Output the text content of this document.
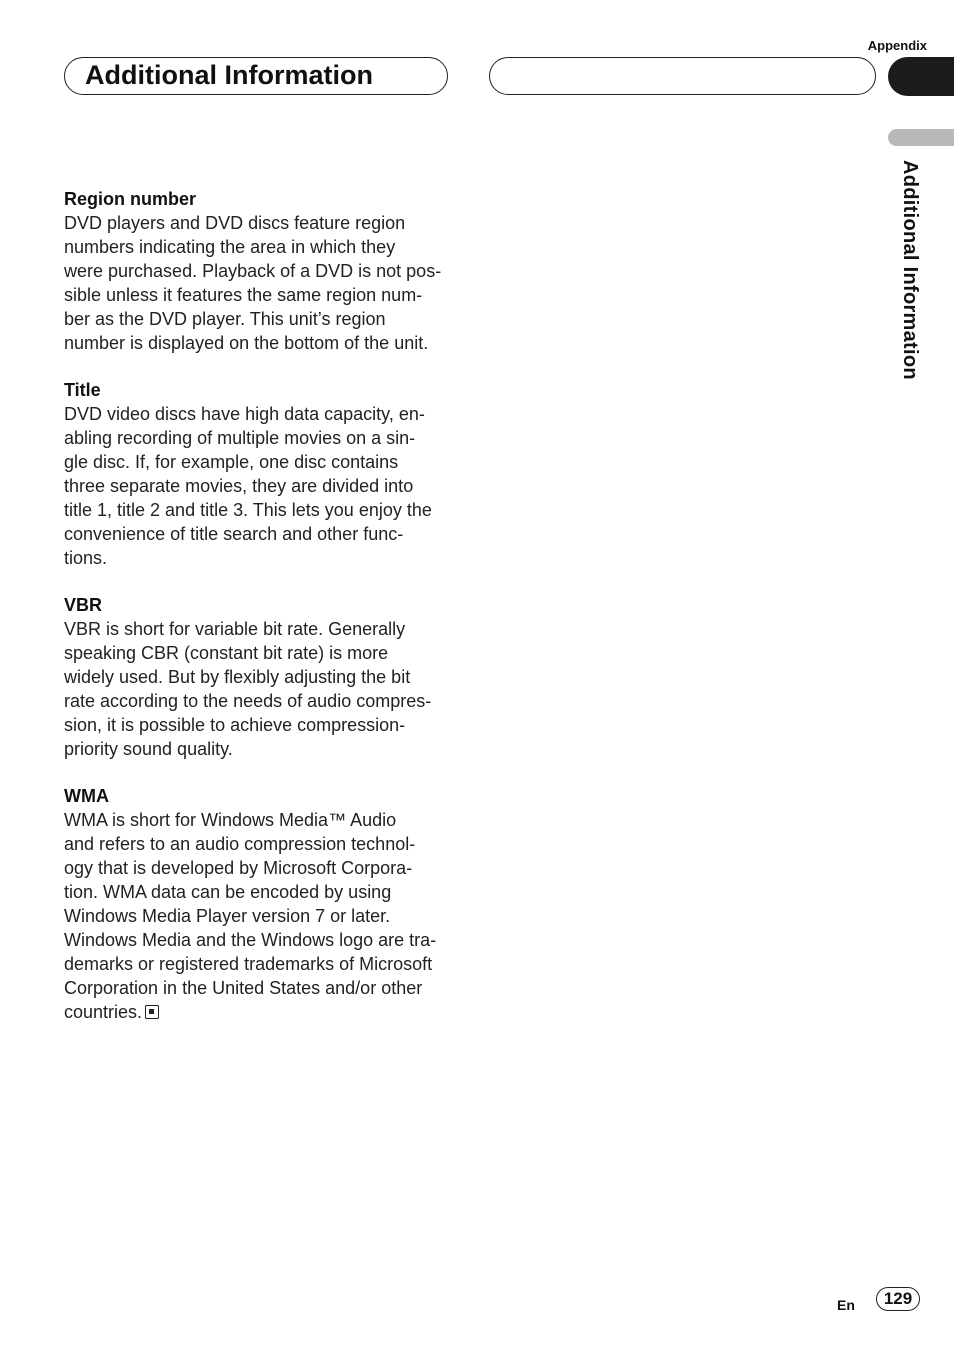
Appendix
Additional Information
Additional Information
Region number
DVD players and DVD discs feature region
numbers indicating the area in which they
were purchased. Playback of a DVD is not pos-
sible unless it features the same region num-
ber as the DVD player. This unit’s region
number is displayed on the bottom of the unit.
Title
DVD video discs have high data capacity, en-
abling recording of multiple movies on a sin-
gle disc. If, for example, one disc contains
three separate movies, they are divided into
title 1, title 2 and title 3. This lets you enjoy the
convenience of title search and other func-
tions.
VBR
VBR is short for variable bit rate. Generally
speaking CBR (constant bit rate) is more
widely used. But by flexibly adjusting the bit
rate according to the needs of audio compres-
sion, it is possible to achieve compression-
priority sound quality.
WMA
WMA is short for Windows Media™ Audio
and refers to an audio compression technol-
ogy that is developed by Microsoft Corpora-
tion. WMA data can be encoded by using
Windows Media Player version 7 or later.
Windows Media and the Windows logo are tra-
demarks or registered trademarks of Microsoft
Corporation in the United States and/or other
countries.
En	129
